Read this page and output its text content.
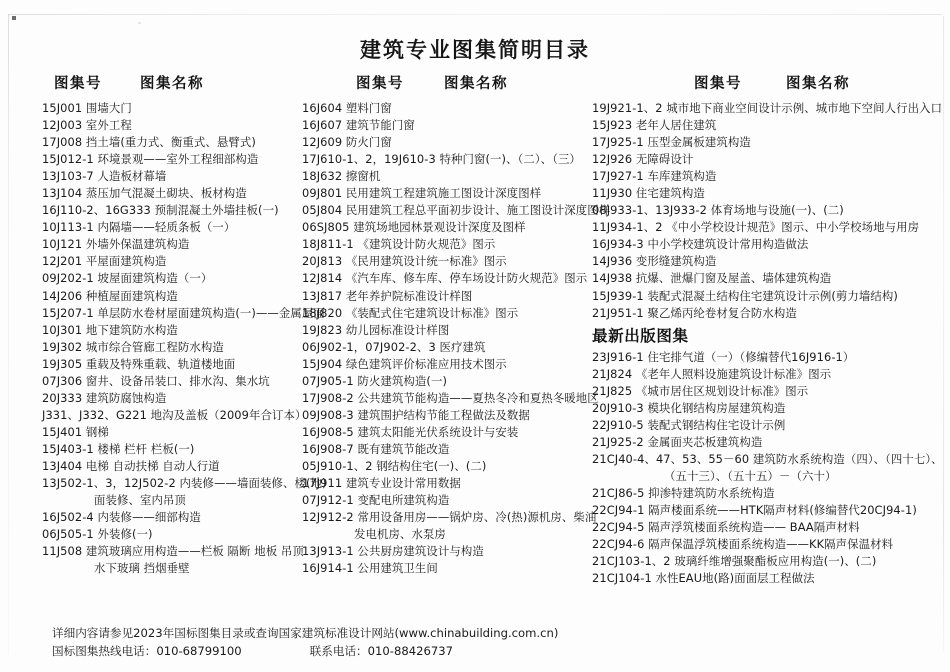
建筑专业图集简明目录
图集号	图集名称
15J001 围墙大门
12J003 室外工程
17J008 挡土墙(重力式、衡重式、悬臂式)
15J012-1 环境景观——室外工程细部构造
13J103-7 人造板材幕墙
13J104 蒸压加气混凝土砌块、板材构造
16J110-2、16G333 预制混凝土外墙挂板(一)
10J113-1 内隔墙——轻质条板（一）
10J121 外墙外保温建筑构造
12J201 平屋面建筑构造
09J202-1 坡屋面建筑构造（一）
14J206 种植屋面建筑构造
15J207-1 单层防水卷材屋面建筑构造(一)——金属屋面
10J301 地下建筑防水构造
19J302 城市综合管廊工程防水构造
19J305 重载及特殊重载、轨道楼地面
07J306 窗井、设备吊装口、排水沟、集水坑
20J333 建筑防腐蚀构造
J331、J332、G221 地沟及盖板（2009年合订本）
15J401 钢梯
15J403-1 楼梯 栏杆 栏板(一)
13J404 电梯 自动扶梯 自动人行道
13J502-1、3，12J502-2 内装修——墙面装修、楼(地)
面装修、室内吊顶
16J502-4 内装修——细部构造
06J505-1 外装修(一)
11J508 建筑玻璃应用构造——栏板 隔断 地板 吊顶
水下玻璃 挡烟垂壁
图集号	图集名称
16J604 塑料门窗
16J607 建筑节能门窗
12J609 防火门窗
17J610-1、2，19J610-3 特种门窗(一)、（二）、（三）
18J632 擦窗机
09J801 民用建筑工程建筑施工图设计深度图样
05J804 民用建筑工程总平面初步设计、施工图设计深度图样
06SJ805 建筑场地园林景观设计深度及图样
18J811-1 《建筑设计防火规范》图示
20J813 《民用建筑设计统一标准》图示
12J814 《汽车库、修车库、停车场设计防火规范》图示
13J817 老年养护院标准设计样图
18J820 《装配式住宅建筑设计标准》图示
19J823 幼儿园标准设计样图
06J902-1，07J902-2、3 医疗建筑
15J904 绿色建筑评价标准应用技术图示
07J905-1 防火建筑构造(一)
17J908-2 公共建筑节能构造——夏热冬冷和夏热冬暖地区
09J908-3 建筑围护结构节能工程做法及数据
16J908-5 建筑太阳能光伏系统设计与安装
16J908-7 既有建筑节能改造
05J910-1、2 钢结构住宅(一)、(二)
17J911 建筑专业设计常用数据
07J912-1 变配电所建筑构造
12J912-2 常用设备用房——锅炉房、冷(热)源机房、柴油
发电机房、水泵房
13J913-1 公共厨房建筑设计与构造
16J914-1 公用建筑卫生间
图集号	图集名称
19J921-1、2 城市地下商业空间设计示例、城市地下空间人行出入口
15J923 老年人居住建筑
17J925-1 压型金属板建筑构造
12J926 无障碍设计
17J927-1 车库建筑构造
11J930 住宅建筑构造
08J933-1、13J933-2 体育场地与设施(一)、(二)
11J934-1、2 《中小学校设计规范》图示、中小学校场地与用房
16J934-3 中小学校建筑设计常用构造做法
14J936 变形缝建筑构造
14J938 抗爆、泄爆门窗及屋盖、墙体建筑构造
15J939-1 装配式混凝土结构住宅建筑设计示例(剪力墙结构)
21J951-1 聚乙烯丙纶卷材复合防水构造
最新出版图集
23J916-1 住宅排气道（一）（修编替代16J916-1）
21J824 《老年人照料设施建筑设计标准》图示
21J825 《城市居住区规划设计标准》图示
20J910-3 模块化钢结构房屋建筑构造
22J910-5 装配式钢结构住宅设计示例
21J925-2 金属面夹芯板建筑构造
21CJ40-4、47、53、55－60 建筑防水系统构造（四）、（四十七）、
（五十三）、（五十五）－（六十）
21CJ86-5 抑渗特建筑防水系统构造
22CJ94-1 隔声楼面系统——HTK隔声材料(修编替代20CJ94-1)
22CJ94-5 隔声浮筑楼面系统构造—— BAA隔声材料
22CJ94-6 隔声保温浮筑楼面系统构造——KK隔声保温材料
21CJ103-1、2 玻璃纤维增强聚酯板应用构造(一)、(二)
21CJ104-1 水性EAU地(路)面面层工程做法
详细内容请参见2023年国标图集目录或查询国家建筑标准设计网站(www.chinabuilding.com.cn)
国标图集热线电话：010-68799100	联系电话：010-88426737
